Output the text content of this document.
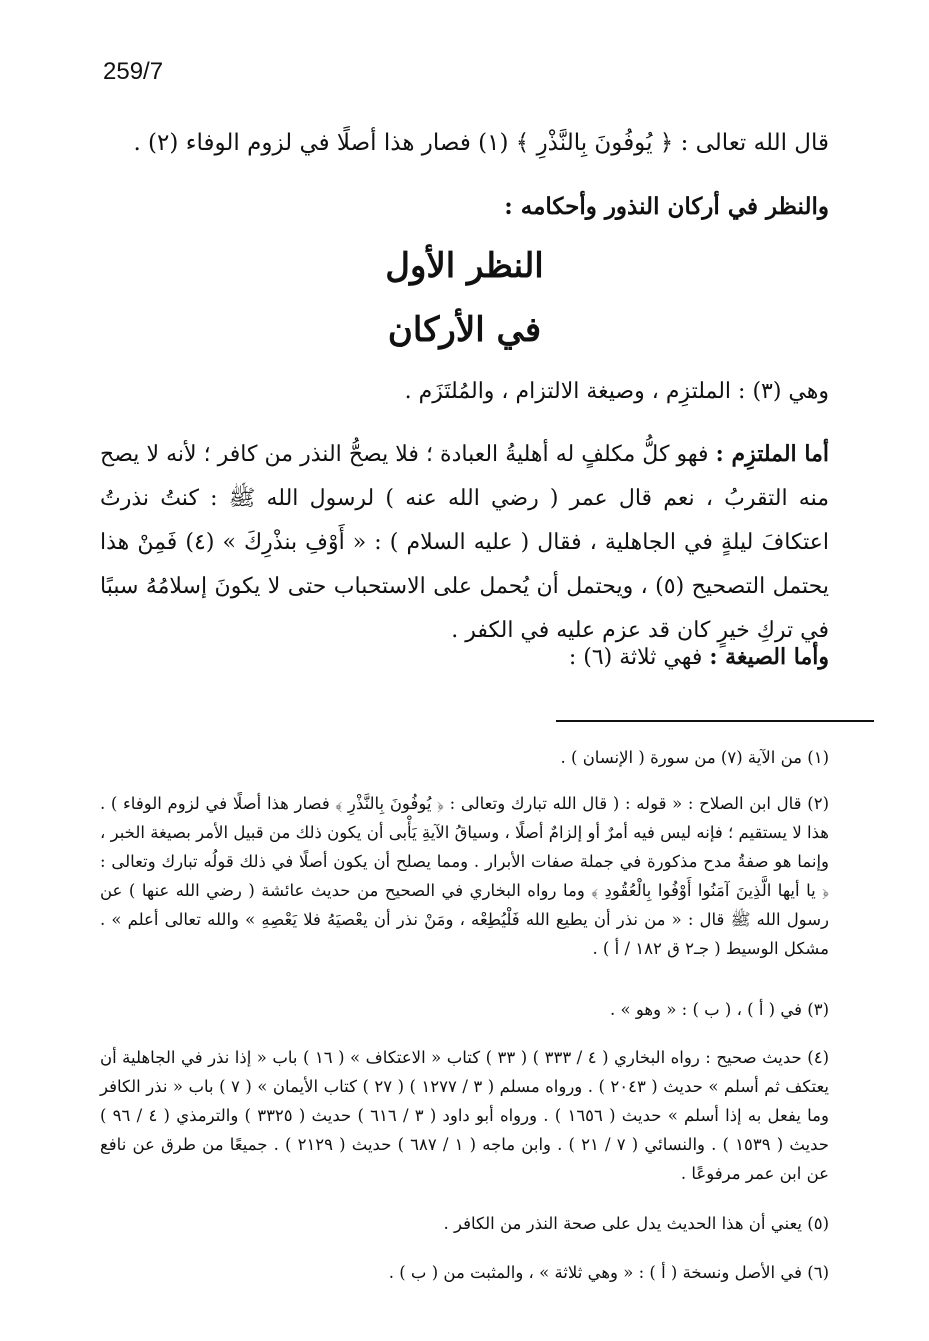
259/7
قال الله تعالى : ﴿ يُوفُونَ بِالنَّذْرِ ﴾ (١) فصار هذا أصلًا في لزوم الوفاء (٢) .
والنظر في أركان النذور وأحكامه :
النظر الأول
في الأركان
وهي (٣) : الملتزِم ، وصيغة الالتزام ، والمُلتَزَم .
أما الملتزِم : فهو كلُّ مكلفٍ له أهليةُ العبادة ؛ فلا يصحُّ النذر من كافر ؛ لأنه لا يصح منه التقربُ ، نعم قال عمر ( رضي الله عنه ) لرسول الله ﷺ : كنتُ نذرتُ اعتكافَ ليلةٍ في الجاهلية ، فقال ( عليه السلام ) : « أَوْفِ بنذْرِكَ » (٤) فَمِنْ هذا يحتمل التصحيح (٥) ، ويحتمل أن يُحمل على الاستحباب حتى لا يكونَ إسلامُهُ سببًا في تركِ خيرٍ كان قد عزم عليه في الكفر .
وأما الصيغة : فهي ثلاثة (٦) :
(١) من الآية (٧) من سورة ( الإنسان ) .
(٢) قال ابن الصلاح : « قوله : ( قال الله تبارك وتعالى : ﴿ يُوفُونَ بِالنَّذْرِ ﴾ فصار هذا أصلًا في لزوم الوفاء ) . هذا لا يستقيم ؛ فإنه ليس فيه أمرٌ أو إلزامٌ أصلًا ، وسياقُ الآيةِ يَأْبى أن يكون ذلك من قبيل الأمر بصيغة الخبر ، وإنما هو صفةُ مدح مذكورة في جملة صفات الأبرار . ومما يصلح أن يكون أصلًا في ذلك قولُه تبارك وتعالى : ﴿ يا أيها الَّذِينَ آمَنُوا أَوْفُوا بِالْعُقُودِ ﴾ وما رواه البخاري في الصحيح من حديث عائشة ( رضي الله عنها ) عن رسول الله ﷺ قال : « من نذر أن يطيع الله فَلْيُطِعْه ، ومَنْ نذر أن يعْصيَهُ فلا يَعْصِهِ » والله تعالى أعلم » . مشكل الوسيط ( جـ٢ ق ١٨٢ / أ ) .
(٣) في ( أ ) ، ( ب ) : « وهو » .
(٤) حديث صحيح : رواه البخاري ( ٤ / ٣٣٣ ) ( ٣٣ ) كتاب « الاعتكاف » ( ١٦ ) باب « إذا نذر في الجاهلية أن يعتكف ثم أسلم » حديث ( ٢٠٤٣ ) . ورواه مسلم ( ٣ / ١٢٧٧ ) ( ٢٧ ) كتاب الأيمان » ( ٧ ) باب « نذر الكافر وما يفعل به إذا أسلم » حديث ( ١٦٥٦ ) . ورواه أبو داود ( ٣ / ٦١٦ ) حديث ( ٣٣٢٥ ) والترمذي ( ٤ / ٩٦ ) حديث ( ١٥٣٩ ) . والنسائي ( ٧ / ٢١ ) . وابن ماجه ( ١ / ٦٨٧ ) حديث ( ٢١٢٩ ) . جميعًا من طرق عن نافع عن ابن عمر مرفوعًا .
(٥) يعني أن هذا الحديث يدل على صحة النذر من الكافر .
(٦) في الأصل ونسخة ( أ ) : « وهي ثلاثة » ، والمثبت من ( ب ) .
